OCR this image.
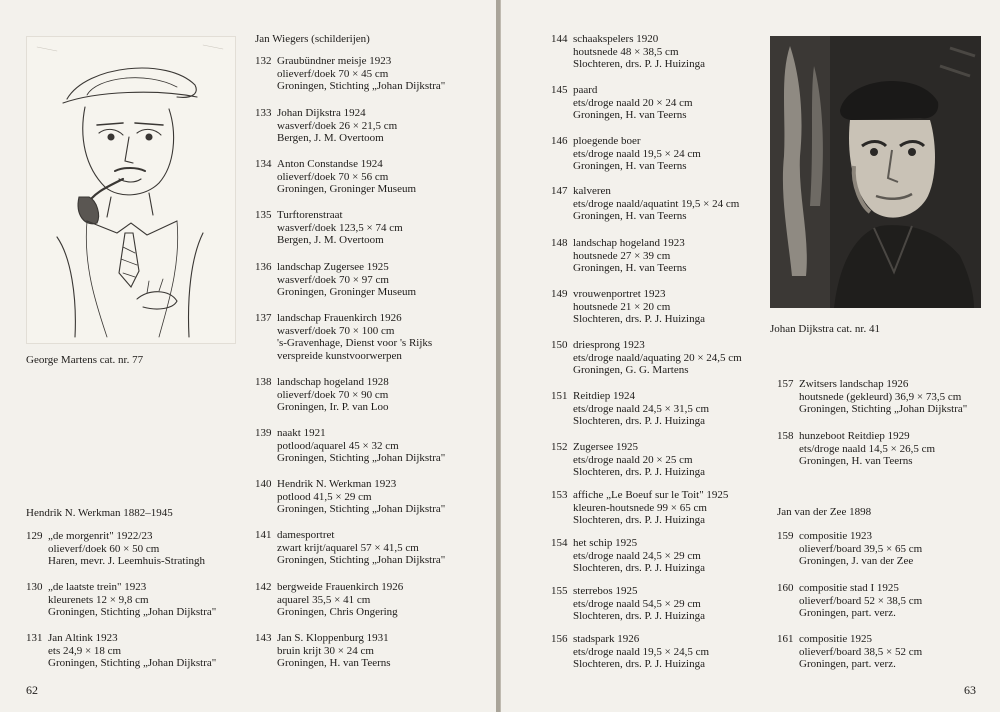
George Martens cat. nr. 77
Jan Wiegers (schilderijen)
132 Graubündner meisje 1923
olieverf/doek 70 × 45 cm
Groningen, Stichting „Johan Dijkstra"
133 Johan Dijkstra 1924
wasverf/doek 26 × 21,5 cm
Bergen, J. M. Overtoom
134 Anton Constandse 1924
olieverf/doek 70 × 56 cm
Groningen, Groninger Museum
135 Turftorenstraat
wasverf/doek 123,5 × 74 cm
Bergen, J. M. Overtoom
136 landschap Zugersee 1925
wasverf/doek 70 × 97 cm
Groningen, Groninger Museum
137 landschap Frauenkirch 1926
wasverf/doek 70 × 100 cm
's-Gravenhage, Dienst voor 's Rijks
verspreide kunstvoorwerpen
138 landschap hogeland 1928
olieverf/doek 70 × 90 cm
Groningen, Ir. P. van Loo
139 naakt 1921
potlood/aquarel 45 × 32 cm
Groningen, Stichting „Johan Dijkstra"
140 Hendrik N. Werkman 1923
potlood 41,5 × 29 cm
Groningen, Stichting „Johan Dijkstra"
141 damesportret
zwart krijt/aquarel 57 × 41,5 cm
Groningen, Stichting „Johan Dijkstra"
142 bergweide Frauenkirch 1926
aquarel 35,5 × 41 cm
Groningen, Chris Ongering
143 Jan S. Kloppenburg 1931
bruin krijt 30 × 24 cm
Groningen, H. van Teerns
Hendrik N. Werkman 1882–1945
129 „de morgenrit" 1922/23
olieverf/doek 60 × 50 cm
Haren, mevr. J. Leemhuis-Stratingh
130 „de laatste trein" 1923
kleurenets 12 × 9,8 cm
Groningen, Stichting „Johan Dijkstra"
131 Jan Altink 1923
ets 24,9 × 18 cm
Groningen, Stichting „Johan Dijkstra"
62
144 schaakspelers 1920
houtsnede 48 × 38,5 cm
Slochteren, drs. P. J. Huizinga
145 paard
ets/droge naald 20 × 24 cm
Groningen, H. van Teerns
146 ploegende boer
ets/droge naald 19,5 × 24 cm
Groningen, H. van Teerns
147 kalveren
ets/droge naald/aquatint 19,5 × 24 cm
Groningen, H. van Teerns
148 landschap hogeland 1923
houtsnede 27 × 39 cm
Groningen, H. van Teerns
149 vrouwenportret 1923
houtsnede 21 × 20 cm
Slochteren, drs. P. J. Huizinga
150 driesprong 1923
ets/droge naald/aquating 20 × 24,5 cm
Groningen, G. G. Martens
151 Reitdiep 1924
ets/droge naald 24,5 × 31,5 cm
Slochteren, drs. P. J. Huizinga
152 Zugersee 1925
ets/droge naald 20 × 25 cm
Slochteren, drs. P. J. Huizinga
153 affiche „Le Boeuf sur le Toit" 1925
kleuren-houtsnede 99 × 65 cm
Slochteren, drs. P. J. Huizinga
154 het schip 1925
ets/droge naald 24,5 × 29 cm
Slochteren, drs. P. J. Huizinga
155 sterrebos 1925
ets/droge naald 54,5 × 29 cm
Slochteren, drs. P. J. Huizinga
156 stadspark 1926
ets/droge naald 19,5 × 24,5 cm
Slochteren, drs. P. J. Huizinga
Johan Dijkstra cat. nr. 41
157 Zwitsers landschap 1926
houtsnede (gekleurd) 36,9 × 73,5 cm
Groningen, Stichting „Johan Dijkstra"
158 hunzeboot Reitdiep 1929
ets/droge naald 14,5 × 26,5 cm
Groningen, H. van Teerns
Jan van der Zee 1898
159 compositie 1923
olieverf/board 39,5 × 65 cm
Groningen, J. van der Zee
160 compositie stad I 1925
olieverf/board 52 × 38,5 cm
Groningen, part. verz.
161 compositie 1925
olieverf/board 38,5 × 52 cm
Groningen, part. verz.
63
